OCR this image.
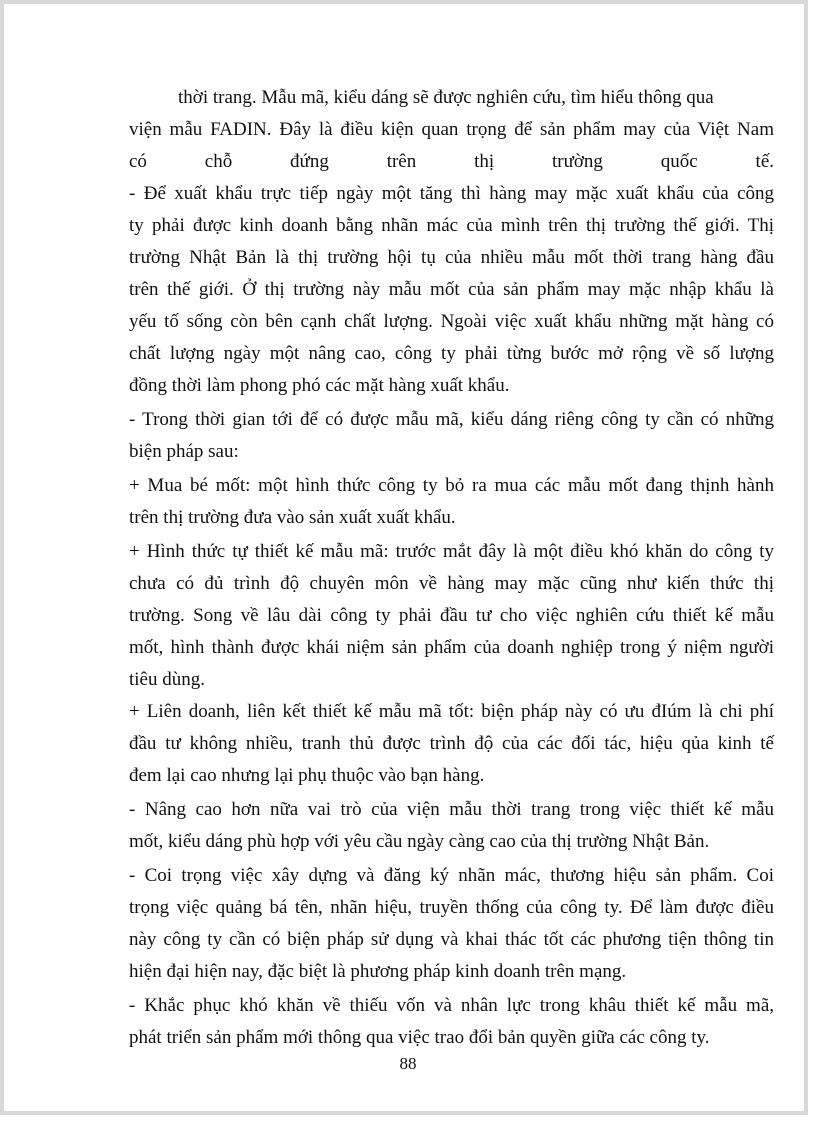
thời trang. Mẫu mã, kiểu dáng sẽ được nghiên cứu, tìm hiểu thông qua
viện mẫu FADIN. Đây là điều kiện quan trọng để sản phẩm may của Việt Nam
có chỗ đứng trên thị trường quốc tế.
- Để xuất khẩu trực tiếp ngày một tăng thì hàng may mặc xuất khẩu của công
ty phải được kinh doanh bằng nhãn mác của mình trên thị trường thế giới. Thị
trường Nhật Bản là thị trường hội tụ của nhiều mẫu mốt thời trang hàng đầu
trên thế giới. Ở thị trường này mẫu mốt của sản phẩm may mặc nhập khẩu là
yếu tố sống còn bên cạnh chất lượng. Ngoài việc xuất khẩu những mặt hàng có
chất lượng ngày một nâng cao, công ty phải từng bước mở rộng về số lượng
đồng thời làm phong phó các mặt hàng xuất khẩu.
- Trong thời gian tới để có được mẫu mã, kiểu dáng riêng công ty cần có những
biện pháp sau:
+ Mua bé mốt: một hình thức công ty bỏ ra mua các mẫu mốt đang thịnh hành
trên thị trường đưa vào sản xuất xuất khẩu.
+ Hình thức tự thiết kế mẫu mã: trước mắt đây là một điều khó khăn do công ty
chưa có đủ trình độ chuyên môn về hàng may mặc cũng như kiến thức thị
trường. Song về lâu dài công ty phải đầu tư cho việc nghiên cứu thiết kế mẫu
mốt, hình thành được khái niệm sản phẩm của doanh nghiệp trong ý niệm người
tiêu dùng.
+ Liên doanh, liên kết thiết kế mẫu mã tốt: biện pháp này có ưu đIúm là chi phí
đầu tư không nhiều, tranh thủ được trình độ của các đối tác, hiệu qủa kinh tế
đem lại cao nhưng lại phụ thuộc vào bạn hàng.
- Nâng cao hơn nữa vai trò của viện mẫu thời trang trong việc thiết kế mẫu
mốt, kiểu dáng phù hợp với yêu cầu ngày càng cao của thị trường Nhật Bản.
- Coi trọng việc xây dựng và đăng ký nhãn mác, thương hiệu sản phẩm. Coi
trọng việc quảng bá tên, nhãn hiệu, truyền thống của công ty. Để làm được điều
này công ty cần có biện pháp sử dụng và khai thác tốt các phương tiện thông tin
hiện đại hiện nay, đặc biệt là phương pháp kinh doanh trên mạng.
- Khắc phục khó khăn về thiếu vốn và nhân lực trong khâu thiết kế mẫu mã,
phát triển sản phẩm mới thông qua việc trao đổi bản quyền giữa các công ty.
88
